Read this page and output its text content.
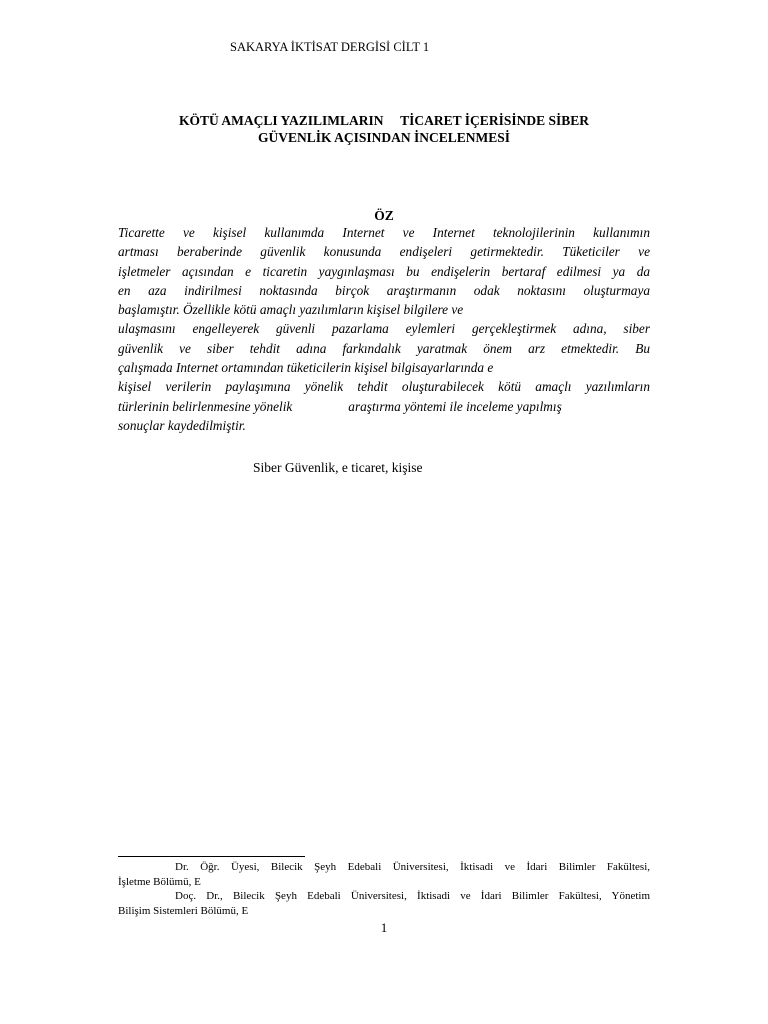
SAKARYA İKTİSAT DERGİSİ CİLT 1
KÖTÜ AMAÇLI YAZILIMLARIN     TİCARET İÇERİSİNDE SİBER
GÜVENLİK AÇISINDAN İNCELENMESİ
ÖZ
Ticarette ve kişisel kullanımda Internet ve Internet teknolojilerinin kullanımın
artması beraberinde güvenlik konusunda endişeleri getirmektedir. Tüketiciler ve
işletmeler açısından e ticaretin yaygınlaşması bu endişelerin bertaraf edilmesi ya da
en aza indirilmesi noktasında birçok araştırmanın odak noktasını oluşturmaya
başlamıştır. Özellikle kötü amaçlı yazılımların kişisel bilgilere ve
ulaşmasını engelleyerek güvenli pazarlama eylemleri gerçekleştirmek adına, siber
güvenlik ve siber tehdit adına farkındalık yaratmak önem arz etmektedir. Bu
çalışmada Internet ortamından tüketicilerin kişisel bilgisayarlarında e
kişisel verilerin paylaşımına yönelik tehdit oluşturabilecek kötü amaçlı yazılımların
türlerinin belirlenmesine yönelik	araştırma yöntemi ile inceleme yapılmış
sonuçlar kaydedilmiştir.
Siber Güvenlik, e ticaret, kişise
Dr. Öğr. Üyesi, Bilecik Şeyh Edebali Üniversitesi, İktisadi ve İdari Bilimler Fakültesi,
İşletme Bölümü, E
Doç. Dr., Bilecik Şeyh Edebali Üniversitesi, İktisadi ve İdari Bilimler Fakültesi, Yönetim
Bilişim Sistemleri Bölümü, E
1
